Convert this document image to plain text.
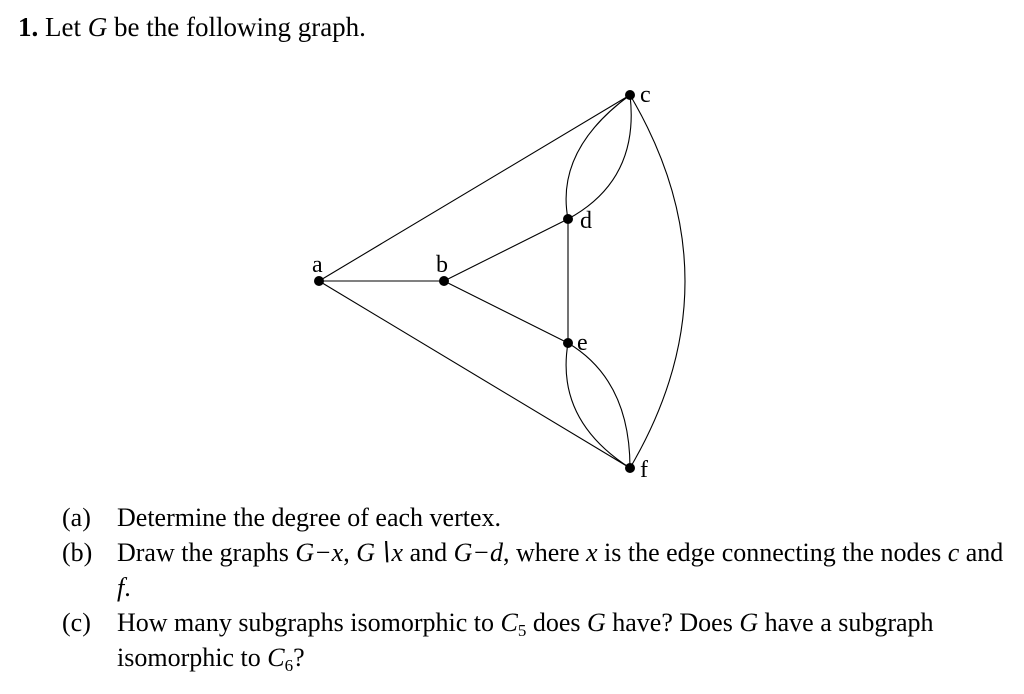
1. Let G be the following graph.
a	b
c
d
e
f
(a) Determine the degree of each vertex.
(b) Draw the graphs G−x, G∖x and G−d, where x is the edge connecting the nodes c and f.
(c) How many subgraphs isomorphic to $C_5$ does G have? Does G have a subgraph isomorphic to $C_6$?
